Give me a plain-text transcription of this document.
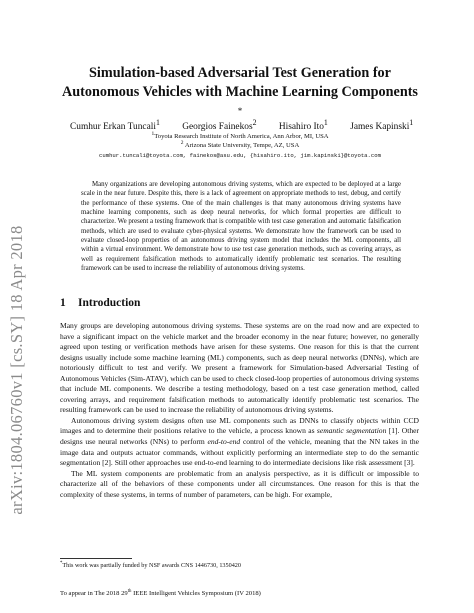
arXiv:1804.06760v1 [cs.SY] 18 Apr 2018
Simulation-based Adversarial Test Generation for Autonomous Vehicles with Machine Learning Components *
Cumhur Erkan Tuncali$^1$ Georgios Fainekos$^2$ Hisahiro Ito$^1$ James Kapinski$^1$
$^1$Toyota Research Institute of North America, Ann Arbor, MI, USA
$^2$ Arizona State University, Tempe, AZ, USA
cumhur.tuncali@toyota.com, fainekos@asu.edu, {hisahiro.ito, jim.kapinski}@toyota.com

Many organizations are developing autonomous driving systems, which are expected to be deployed at a large scale in the near future. Despite this, there is a lack of agreement on appropriate methods to test, debug, and certify the performance of these systems. One of the main challenges is that many autonomous driving systems have machine learning components, such as deep neural networks, for which formal properties are difficult to characterize. We present a testing framework that is compatible with test case generation and automatic falsification methods, which are used to evaluate cyber-physical systems. We demonstrate how the framework can be used to evaluate closed-loop properties of an autonomous driving system model that includes the ML components, all within a virtual environment. We demonstrate how to use test case generation methods, such as covering arrays, as well as requirement falsification methods to automatically identify problematic test scenarios. The resulting framework can be used to increase the reliability of autonomous driving systems.

1 Introduction

Many groups are developing autonomous driving systems. These systems are on the road now and are expected to have a significant impact on the vehicle market and the broader economy in the near future; however, no generally agreed upon testing or verification methods have arisen for these systems. One reason for this is that the current designs usually include some machine learning (ML) components, such as deep neural networks (DNNs), which are notoriously difficult to test and verify. We present a framework for Simulation-based Adversarial Testing of Autonomous Vehicles (Sim-ATAV), which can be used to check closed-loop properties of autonomous driving systems that include ML components. We describe a testing methodology, based on a test case generation method, called covering arrays, and requirement falsification methods to automatically identify problematic test scenarios. The resulting framework can be used to increase the reliability of autonomous driving systems.

Autonomous driving system designs often use ML components such as DNNs to classify objects within CCD images and to determine their positions relative to the vehicle, a process known as semantic segmentation [1]. Other designs use neural networks (NNs) to perform end-to-end control of the vehicle, meaning that the NN takes in the image data and outputs actuator commands, without explicitly performing an intermediate step to do the semantic segmentation [2]. Still other approaches use end-to-end learning to do intermediate decisions like risk assessment [3].

The ML system components are problematic from an analysis perspective, as it is difficult or impossible to characterize all of the behaviors of these components under all circumstances. One reason for this is that the complexity of these systems, in terms of number of parameters, can be high. For example,

*This work was partially funded by NSF awards CNS 1446730, 1350420
To appear in The 2018 29th IEEE Intelligent Vehicles Symposium (IV 2018)
